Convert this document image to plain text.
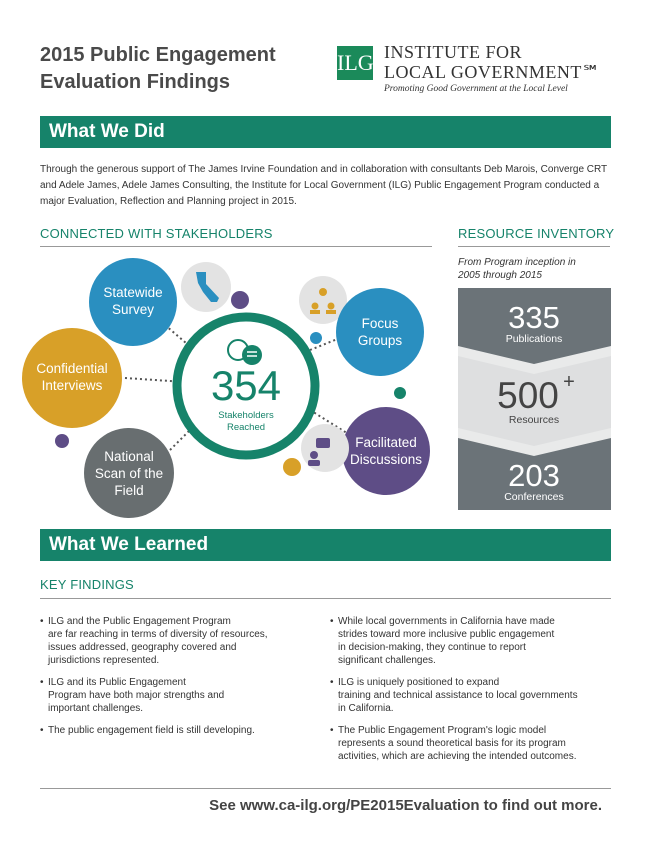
2015 Public Engagement
Evaluation Findings
ILG INSTITUTE FOR
LOCAL GOVERNMENT℠
Promoting Good Government at the Local Level
What We Did
Through the generous support of The James Irvine Foundation and in collaboration with consultants Deb Marois, Converge CRT and Adele James, Adele James Consulting, the Institute for Local Government (ILG) Public Engagement Program conducted a major Evaluation, Reflection and Planning project in 2015.
CONNECTED WITH STAKEHOLDERS	RESOURCE INVENTORY
354
Stakeholders
Reached
Statewide
Survey
Focus
Groups
Confidential
Interviews
National
Scan of the
Field
Facilitated
Discussions
From Program inception in
2005 through 2015
335
Publications
500 +
Resources
203
Conferences
What We Learned
KEY FINDINGS
• ILG and the Public Engagement Program
are far reaching in terms of diversity of resources,
issues addressed, geography covered and
jurisdictions represented.
• ILG and its Public Engagement
Program have both major strengths and
important challenges.
• The public engagement field is still developing.
• While local governments in California have made
strides toward more inclusive public engagement
in decision-making, they continue to report
significant challenges.
• ILG is uniquely positioned to expand
training and technical assistance to local governments
in California.
• The Public Engagement Program's logic model
represents a sound theoretical basis for its program
activities, which are achieving the intended outcomes.
See www.ca-ilg.org/PE2015Evaluation to find out more.
